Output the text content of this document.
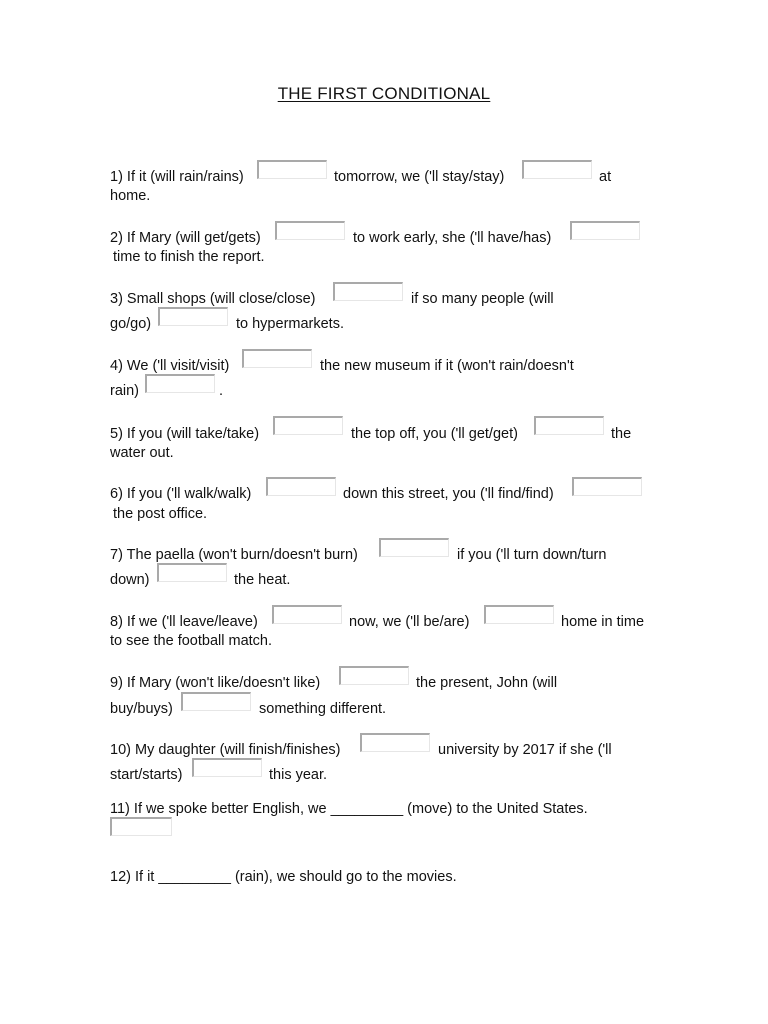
THE FIRST CONDITIONAL
1) If it (will rain/rains)	tomorrow, we ('ll stay/stay)	at
home.
2) If Mary (will get/gets)	to work early, she ('ll have/has)
time to finish the report.
3) Small shops (will close/close)	if so many people (will
go/go)	to hypermarkets.
4) We ('ll visit/visit)	the new museum if it (won't rain/doesn't
rain)	.
5) If you (will take/take)	the top off, you ('ll get/get)	the
water out.
6) If you ('ll walk/walk)	down this street, you ('ll find/find)
the post office.
7) The paella (won't burn/doesn't burn)	if you ('ll turn down/turn
down)	the heat.
8) If we ('ll leave/leave)	now, we ('ll be/are)	home in time
to see the football match.
9) If Mary (won't like/doesn't like)	the present, John (will
buy/buys)	something different.
10) My daughter (will finish/finishes)	university by 2017 if she ('ll
start/starts)	this year.
11) If we spoke better English, we _________ (move) to the United States.
12) If it _________ (rain), we should go to the movies.
